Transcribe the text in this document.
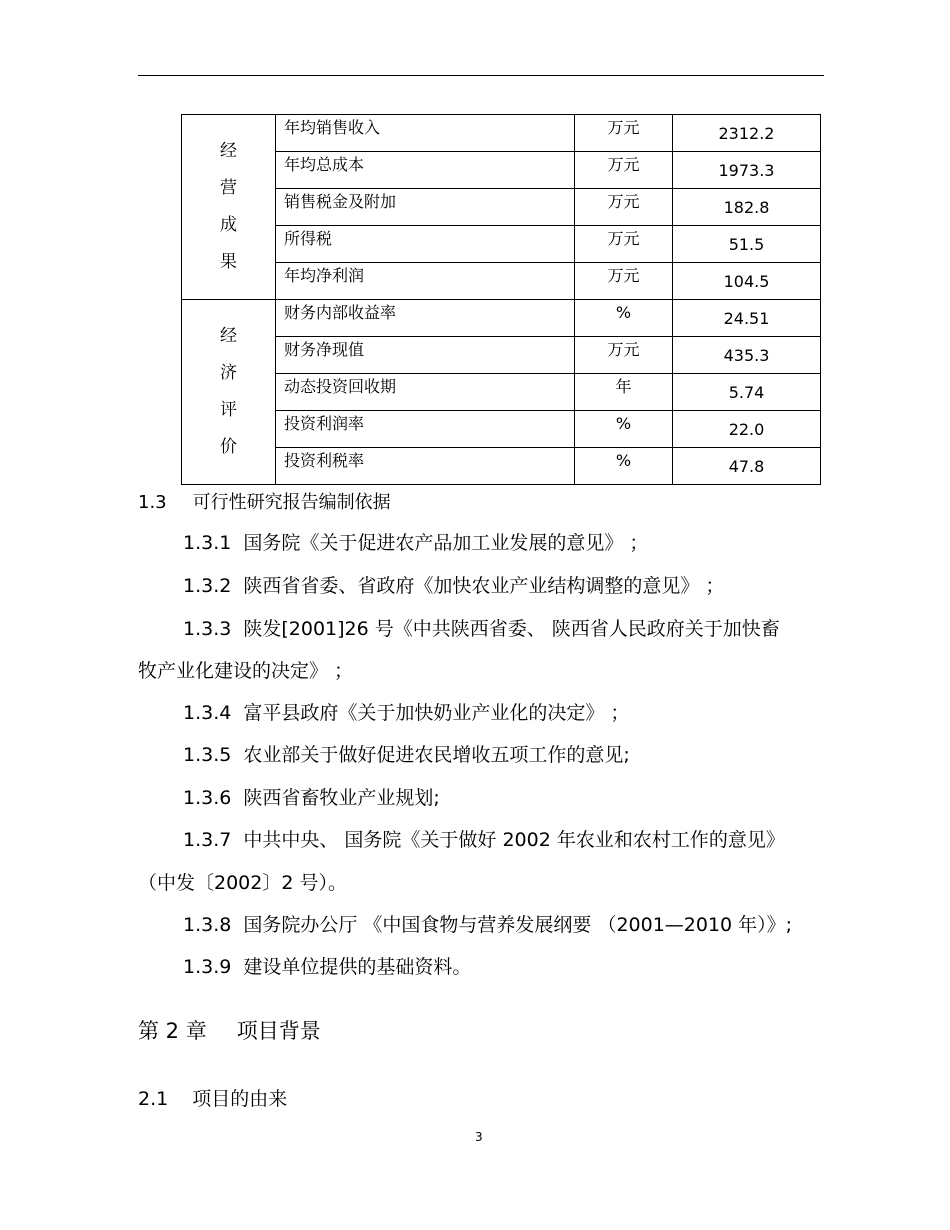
经
营
成
果	年均销售收入	万元	2312.2
	年均总成本	万元	1973.3
	销售税金及附加	万元	182.8
	所得税	万元	51.5
	年均净利润	万元	104.5

经
济
评
价	财务内部收益率	%	24.51
	财务净现值	万元	435.3
	动态投资回收期	年	5.74
	投资利润率	%	22.0
	投资利税率	%	47.8
1.3 可行性研究报告编制依据
1.3.1 国务院《关于促进农产品加工业发展的意见》 ；
1.3.2 陕西省省委、省政府《加快农业产业结构调整的意见》 ；
1.3.3 陕发[2001]26 号《中共陕西省委、 陕西省人民政府关于加快畜
牧产业化建设的决定》 ；
1.3.4 富平县政府《关于加快奶业产业化的决定》 ；
1.3.5 农业部关于做好促进农民增收五项工作的意见;
1.3.6 陕西省畜牧业产业规划;
1.3.7 中共中央、 国务院《关于做好 2002 年农业和农村工作的意见》
（中发〔2002〕2 号）。
1.3.8 国务院办公厅 《中国食物与营养发展纲要 （2001—2010 年）》;
1.3.9 建设单位提供的基础资料。
第 2 章 项目背景
2.1 项目的由来
3
